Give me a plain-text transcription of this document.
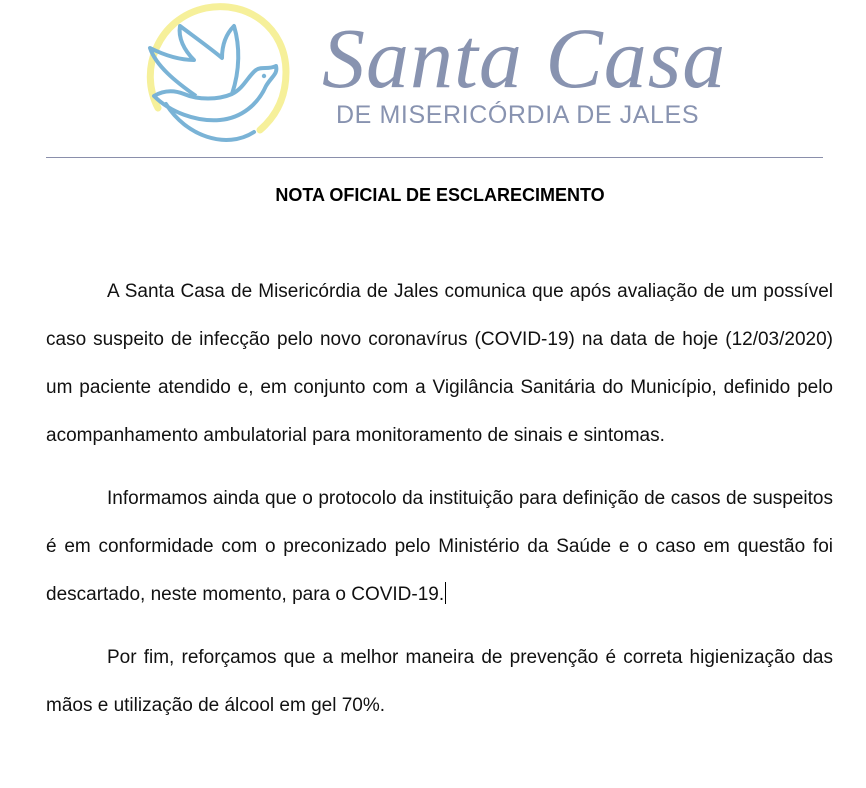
Santa Casa
DE MISERICÓRDIA DE JALES
NOTA OFICIAL DE ESCLARECIMENTO

A Santa Casa de Misericórdia de Jales comunica que após avaliação de um possível caso suspeito de infecção pelo novo coronavírus (COVID-19) na data de hoje (12/03/2020) um paciente atendido e, em conjunto com a Vigilância Sanitária do Município, definido pelo acompanhamento ambulatorial para monitoramento de sinais e sintomas.

Informamos ainda que o protocolo da instituição para definição de casos de suspeitos é em conformidade com o preconizado pelo Ministério da Saúde e o caso em questão foi descartado, neste momento, para o COVID-19.

Por fim, reforçamos que a melhor maneira de prevenção é correta higienização das mãos e utilização de álcool em gel 70%.
